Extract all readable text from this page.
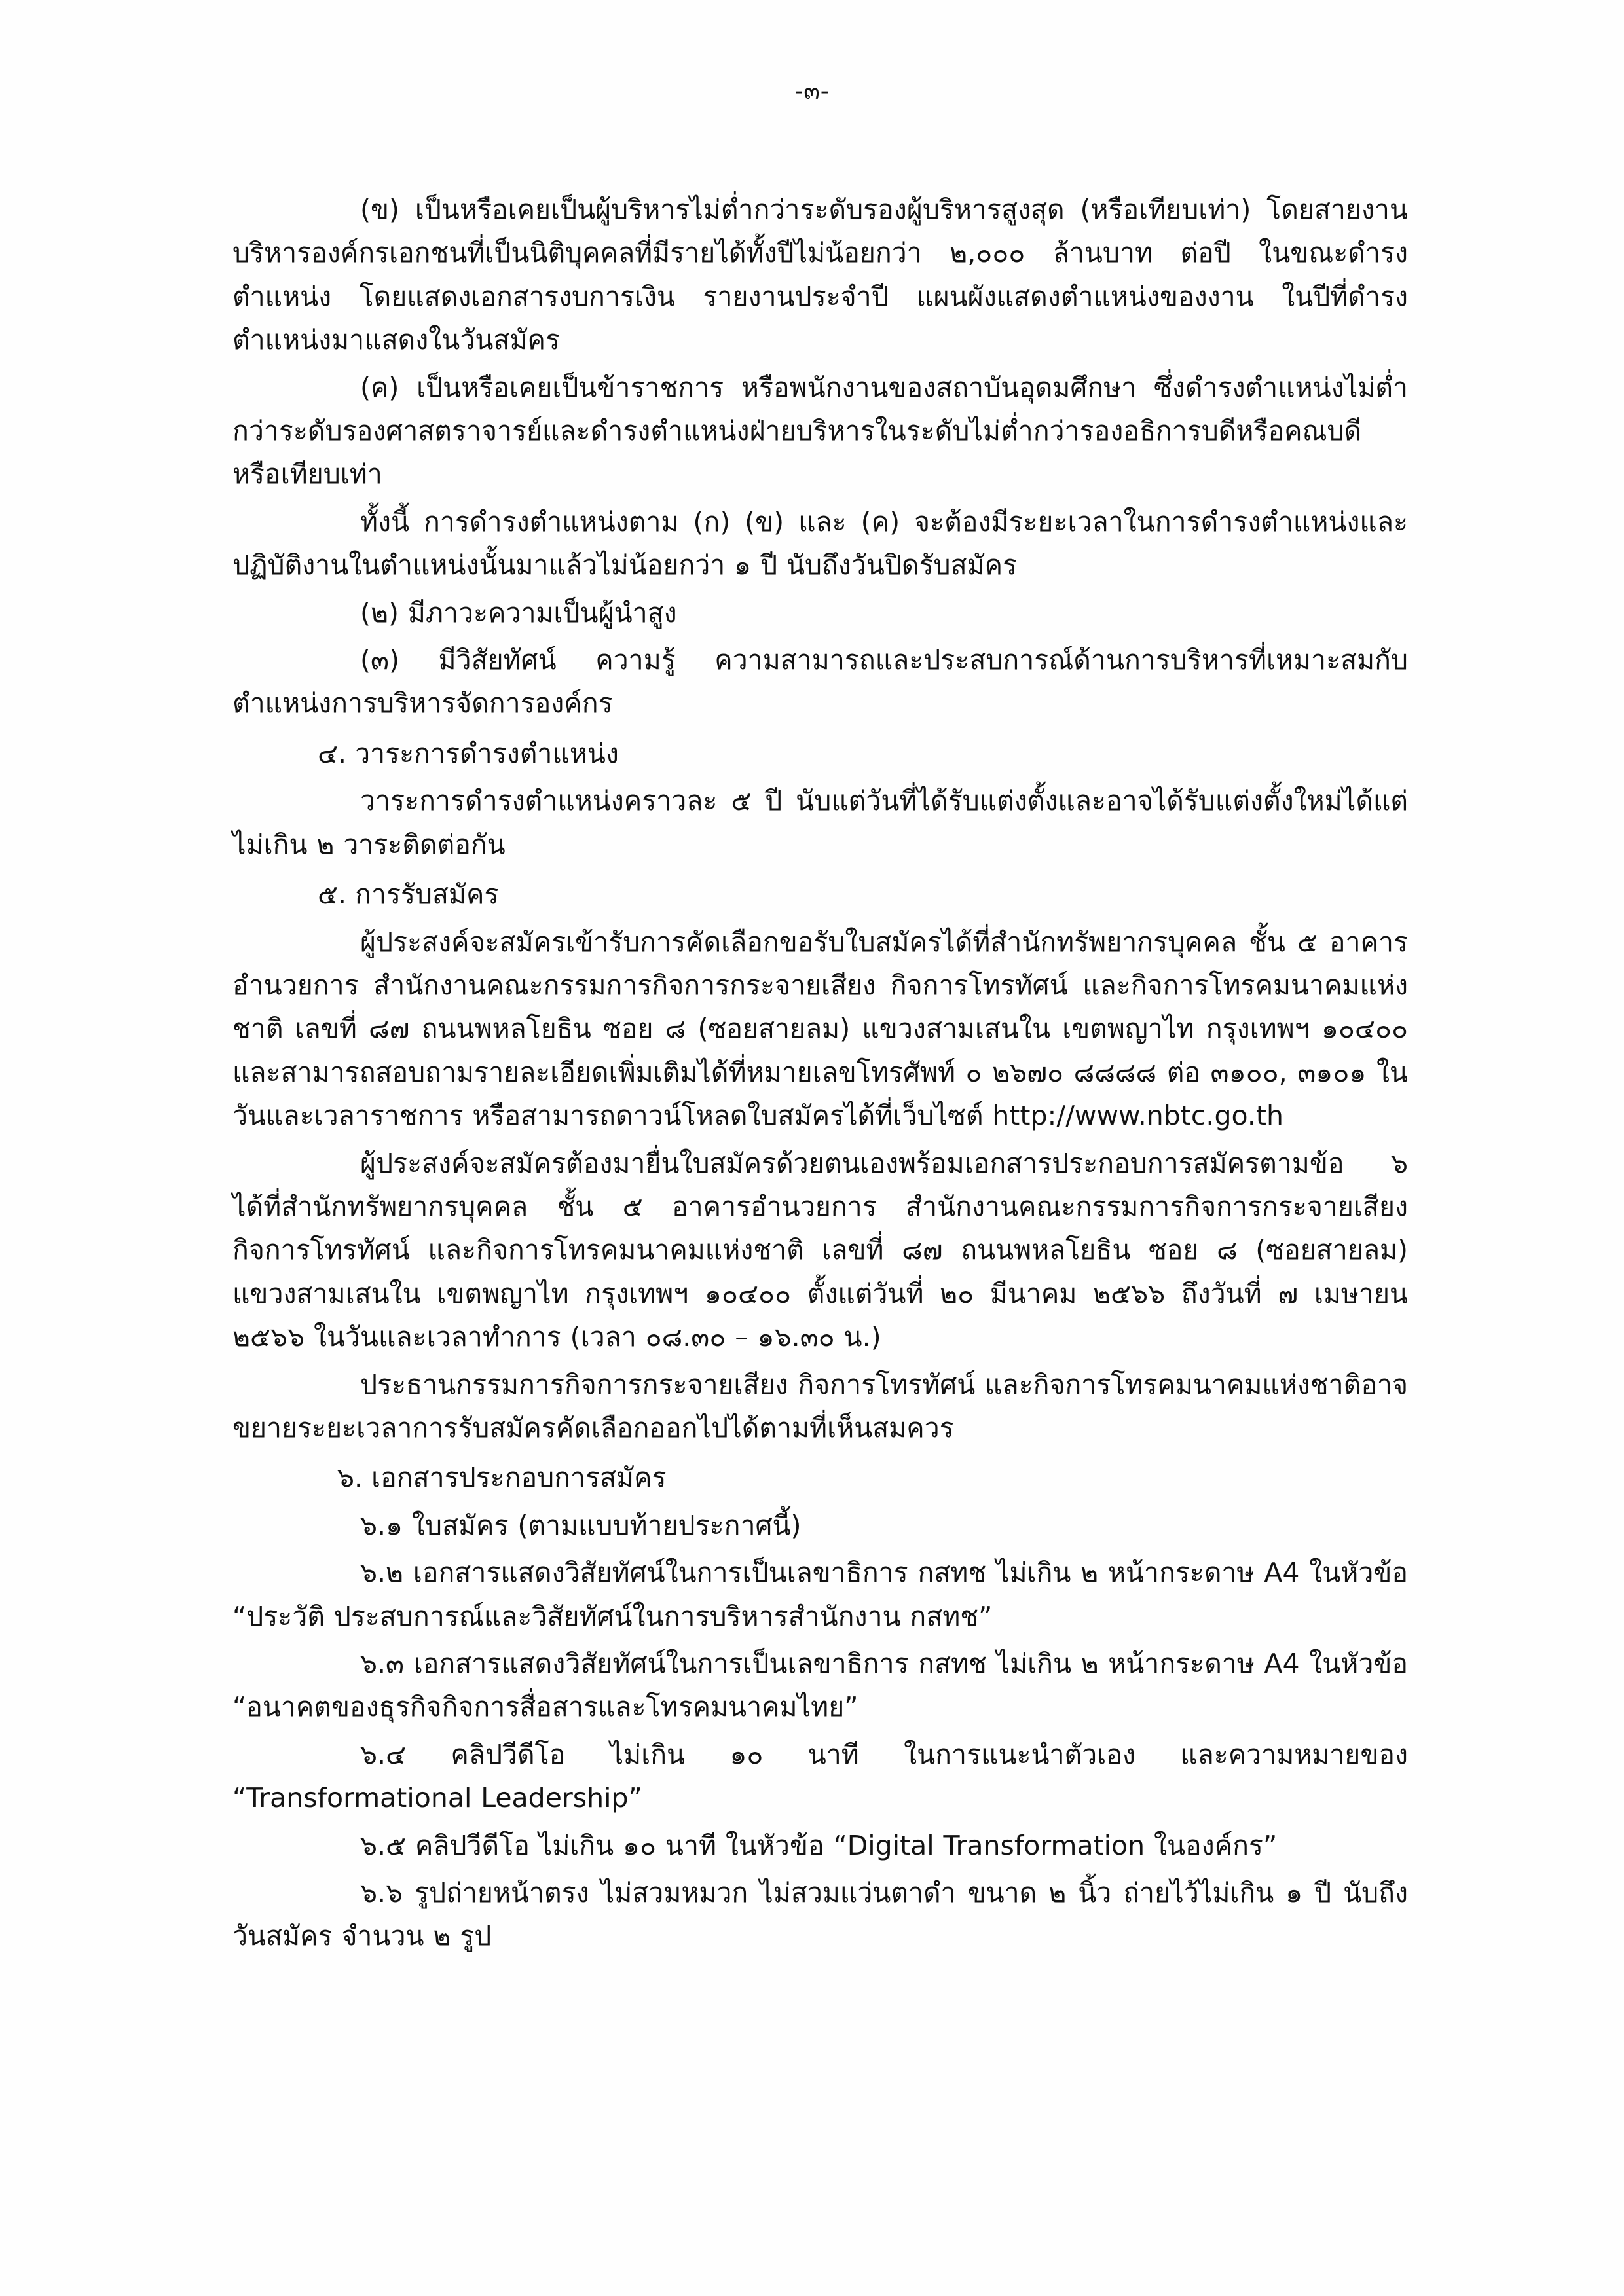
-๓-

(ข) เป็นหรือเคยเป็นผู้บริหารไม่ต่ำกว่าระดับรองผู้บริหารสูงสุด (หรือเทียบเท่า) โดยสายงานบริหารองค์กรเอกชนที่เป็นนิติบุคคลที่มีรายได้ทั้งปีไม่น้อยกว่า ๒,๐๐๐ ล้านบาท ต่อปี ในขณะดำรงตำแหน่ง โดยแสดงเอกสารงบการเงิน รายงานประจำปี แผนผังแสดงตำแหน่งของงาน ในปีที่ดำรงตำแหน่งมาแสดงในวันสมัคร

(ค) เป็นหรือเคยเป็นข้าราชการ หรือพนักงานของสถาบันอุดมศึกษา ซึ่งดำรงตำแหน่งไม่ต่ำกว่าระดับรองศาสตราจารย์และดำรงตำแหน่งฝ่ายบริหารในระดับไม่ต่ำกว่ารองอธิการบดีหรือคณบดีหรือเทียบเท่า

ทั้งนี้ การดำรงตำแหน่งตาม (ก) (ข) และ (ค) จะต้องมีระยะเวลาในการดำรงตำแหน่งและปฏิบัติงานในตำแหน่งนั้นมาแล้วไม่น้อยกว่า ๑ ปี นับถึงวันปิดรับสมัคร

(๒) มีภาวะความเป็นผู้นำสูง

(๓) มีวิสัยทัศน์ ความรู้ ความสามารถและประสบการณ์ด้านการบริหารที่เหมาะสมกับตำแหน่งการบริหารจัดการองค์กร

๔. วาระการดำรงตำแหน่ง

วาระการดำรงตำแหน่งคราวละ ๕ ปี นับแต่วันที่ได้รับแต่งตั้งและอาจได้รับแต่งตั้งใหม่ได้แต่ไม่เกิน ๒ วาระติดต่อกัน

๕. การรับสมัคร

ผู้ประสงค์จะสมัครเข้ารับการคัดเลือกขอรับใบสมัครได้ที่สำนักทรัพยากรบุคคล ชั้น ๕ อาคารอำนวยการ สำนักงานคณะกรรมการกิจการกระจายเสียง กิจการโทรทัศน์ และกิจการโทรคมนาคมแห่งชาติ เลขที่ ๘๗ ถนนพหลโยธิน ซอย ๘ (ซอยสายลม) แขวงสามเสนใน เขตพญาไท กรุงเทพฯ ๑๐๔๐๐ และสามารถสอบถามรายละเอียดเพิ่มเติมได้ที่หมายเลขโทรศัพท์ ๐ ๒๖๗๐ ๘๘๘๘ ต่อ ๓๑๐๐, ๓๑๐๑ ในวันและเวลาราชการ หรือสามารถดาวน์โหลดใบสมัครได้ที่เว็บไซต์ http://www.nbtc.go.th

ผู้ประสงค์จะสมัครต้องมายื่นใบสมัครด้วยตนเองพร้อมเอกสารประกอบการสมัครตามข้อ ๖ ได้ที่สำนักทรัพยากรบุคคล ชั้น ๕ อาคารอำนวยการ สำนักงานคณะกรรมการกิจการกระจายเสียง กิจการโทรทัศน์ และกิจการโทรคมนาคมแห่งชาติ เลขที่ ๘๗ ถนนพหลโยธิน ซอย ๘ (ซอยสายลม) แขวงสามเสนใน เขตพญาไท กรุงเทพฯ ๑๐๔๐๐ ตั้งแต่วันที่ ๒๐ มีนาคม ๒๕๖๖ ถึงวันที่ ๗ เมษายน ๒๕๖๖ ในวันและเวลาทำการ (เวลา ๐๘.๓๐ – ๑๖.๓๐ น.)

ประธานกรรมการกิจการกระจายเสียง กิจการโทรทัศน์ และกิจการโทรคมนาคมแห่งชาติอาจขยายระยะเวลาการรับสมัครคัดเลือกออกไปได้ตามที่เห็นสมควร

๖. เอกสารประกอบการสมัคร

๖.๑ ใบสมัคร (ตามแบบท้ายประกาศนี้)

๖.๒ เอกสารแสดงวิสัยทัศน์ในการเป็นเลขาธิการ กสทช ไม่เกิน ๒ หน้ากระดาษ A4 ในหัวข้อ “ประวัติ ประสบการณ์และวิสัยทัศน์ในการบริหารสำนักงาน กสทช”

๖.๓ เอกสารแสดงวิสัยทัศน์ในการเป็นเลขาธิการ กสทช ไม่เกิน ๒ หน้ากระดาษ A4 ในหัวข้อ “อนาคตของธุรกิจกิจการสื่อสารและโทรคมนาคมไทย”

๖.๔ คลิปวีดีโอ ไม่เกิน ๑๐ นาที ในการแนะนำตัวเอง และความหมายของ “Transformational Leadership”

๖.๕ คลิปวีดีโอ ไม่เกิน ๑๐ นาที ในหัวข้อ “Digital Transformation ในองค์กร”

๖.๖ รูปถ่ายหน้าตรง ไม่สวมหมวก ไม่สวมแว่นตาดำ ขนาด ๒ นิ้ว ถ่ายไว้ไม่เกิน ๑ ปี นับถึงวันสมัคร จำนวน ๒ รูป
